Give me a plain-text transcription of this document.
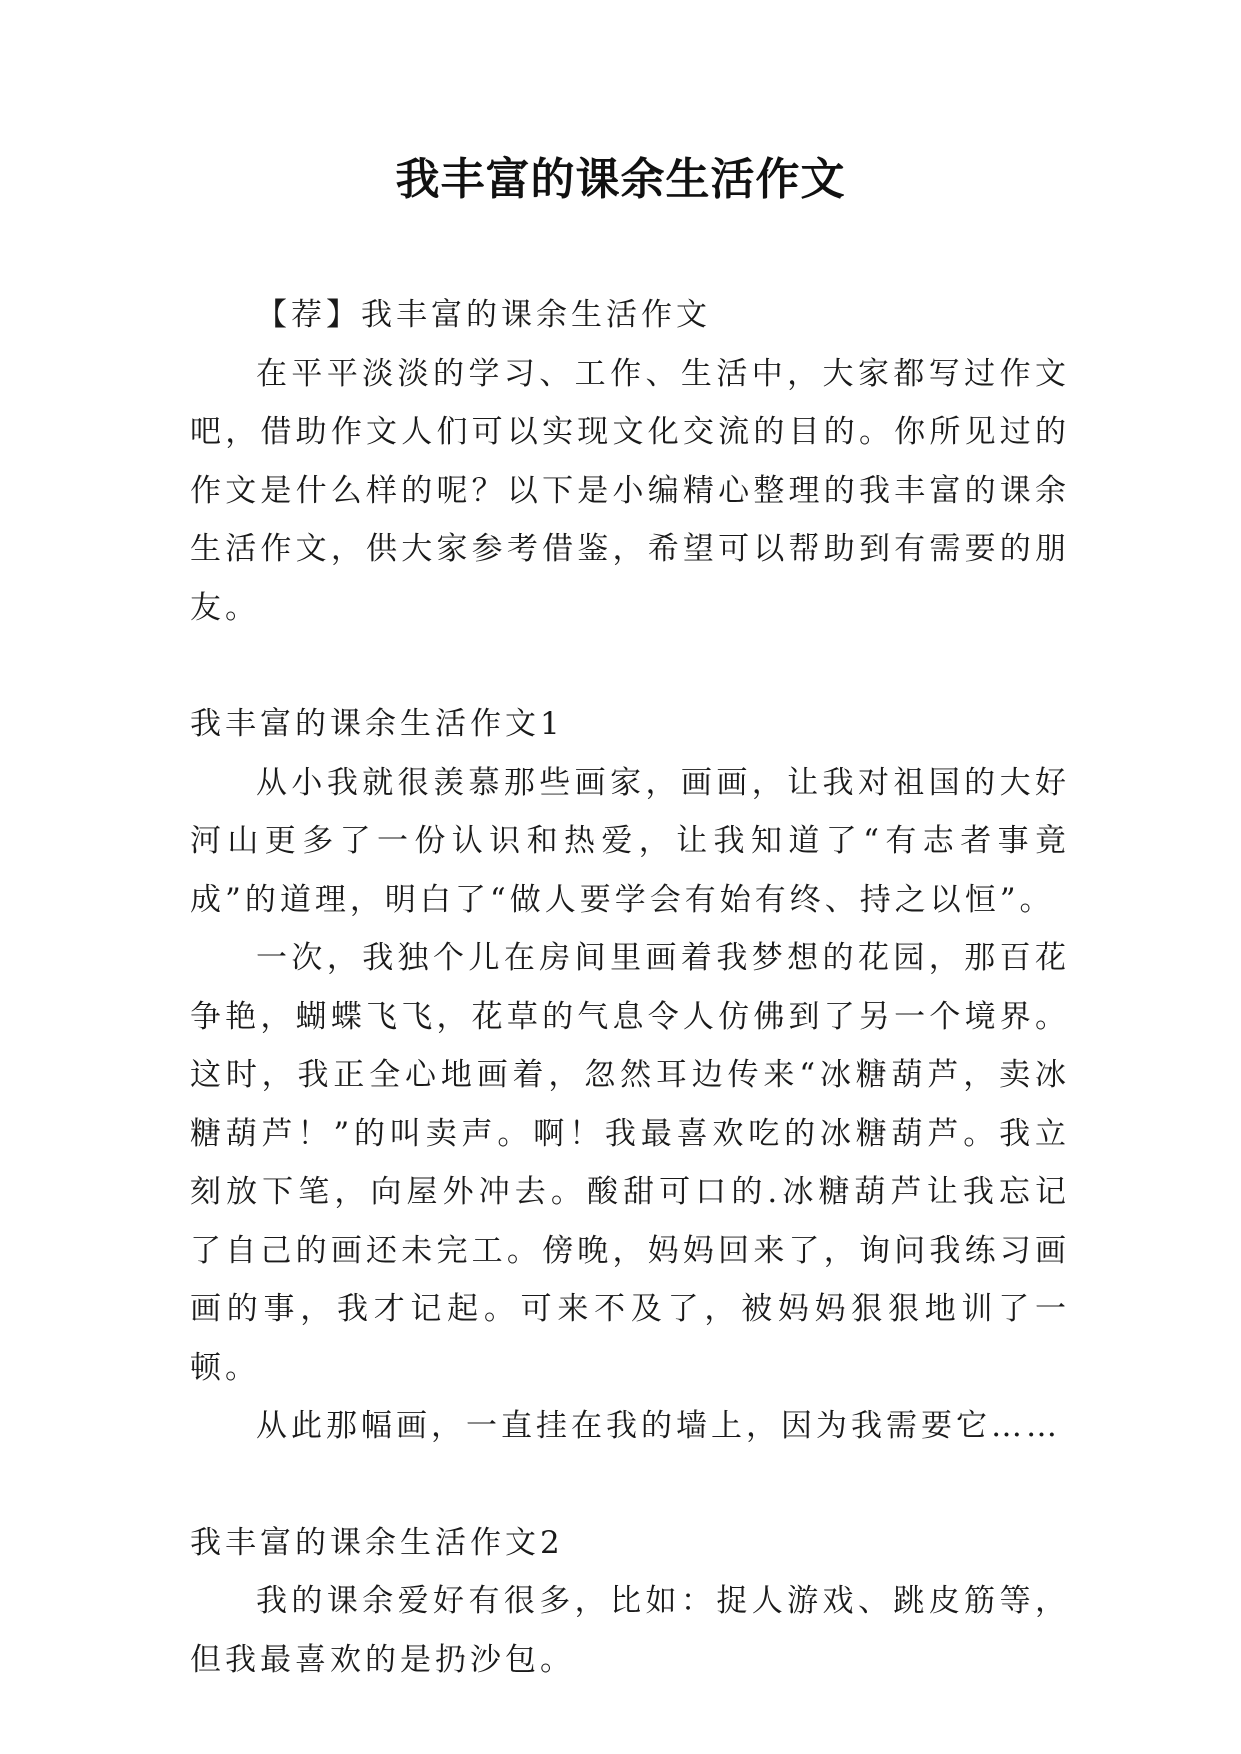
我丰富的课余生活作文

【荐】我丰富的课余生活作文

在平平淡淡的学习、工作、生活中，大家都写过作文吧，借助作文人们可以实现文化交流的目的。你所见过的作文是什么样的呢？以下是小编精心整理的我丰富的课余生活作文，供大家参考借鉴，希望可以帮助到有需要的朋友。

我丰富的课余生活作文1

从小我就很羡慕那些画家，画画，让我对祖国的大好河山更多了一份认识和热爱，让我知道了“有志者事竟成”的道理，明白了“做人要学会有始有终、持之以恒”。

一次，我独个儿在房间里画着我梦想的花园，那百花争艳，蝴蝶飞飞，花草的气息令人仿佛到了另一个境界。这时，我正全心地画着，忽然耳边传来“冰糖葫芦，卖冰糖葫芦！”的叫卖声。啊！我最喜欢吃的冰糖葫芦。我立刻放下笔，向屋外冲去。酸甜可口的.冰糖葫芦让我忘记了自己的画还未完工。傍晚，妈妈回来了，询问我练习画画的事，我才记起。可来不及了，被妈妈狠狠地训了一顿。

从此那幅画，一直挂在我的墙上，因为我需要它……

我丰富的课余生活作文2

我的课余爱好有很多，比如：捉人游戏、跳皮筋等，但我最喜欢的是扔沙包。
